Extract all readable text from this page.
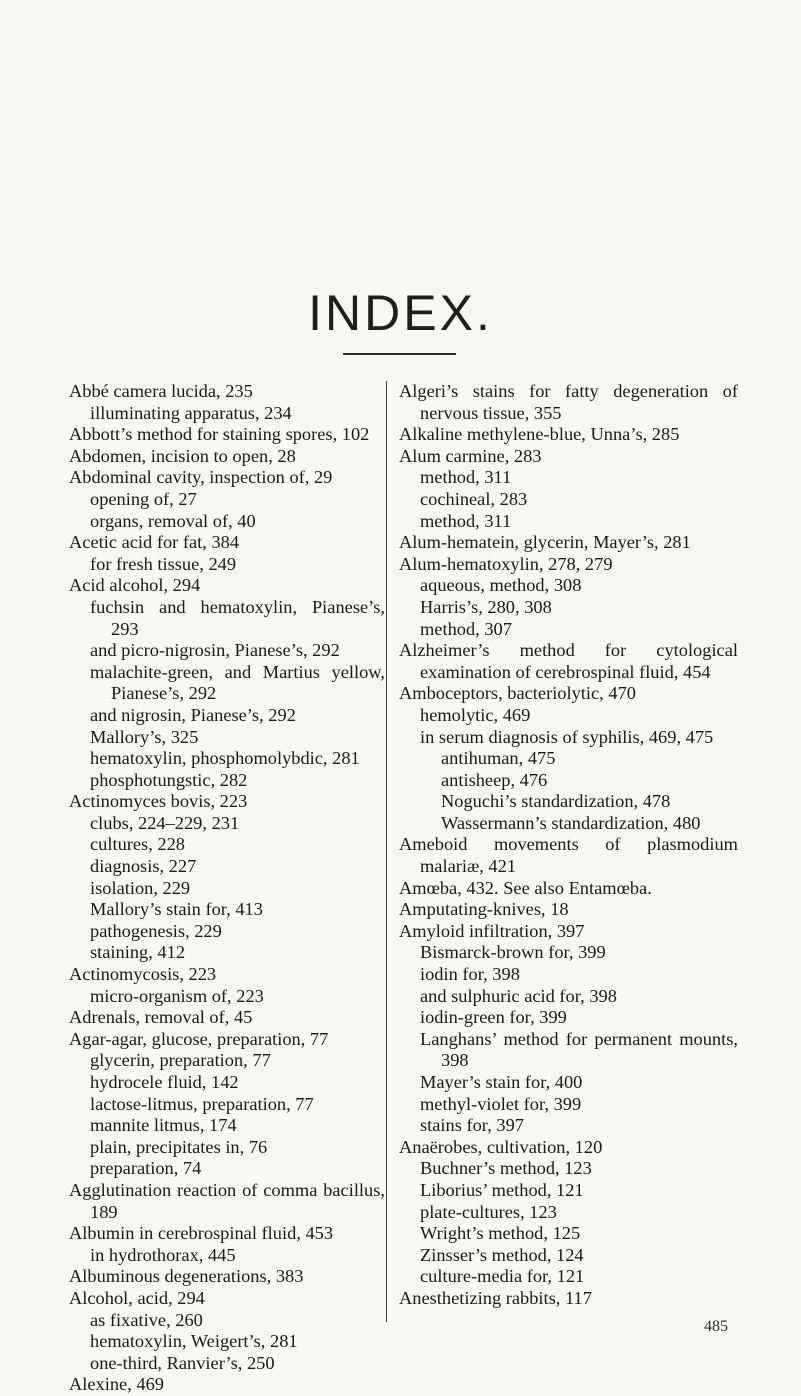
INDEX.

Abbé camera lucida, 235

illuminating apparatus, 234

Abbott’s method for staining spores, 102

Abdomen, incision to open, 28

Abdominal cavity, inspection of, 29

opening of, 27

organs, removal of, 40

Acetic acid for fat, 384

for fresh tissue, 249

Acid alcohol, 294

fuchsin and hematoxylin, Pianese’s, 293

and picro-nigrosin, Pianese’s, 292

malachite-green, and Martius yellow, Pianese’s, 292

and nigrosin, Pianese’s, 292

Mallory’s, 325

hematoxylin, phosphomolybdic, 281

phosphotungstic, 282

Actinomyces bovis, 223

clubs, 224–229, 231

cultures, 228

diagnosis, 227

isolation, 229

Mallory’s stain for, 413

pathogenesis, 229

staining, 412

Actinomycosis, 223

micro-organism of, 223

Adrenals, removal of, 45

Agar-agar, glucose, preparation, 77

glycerin, preparation, 77

hydrocele fluid, 142

lactose-litmus, preparation, 77

mannite litmus, 174

plain, precipitates in, 76

preparation, 74

Agglutination reaction of comma bacillus, 189

Albumin in cerebrospinal fluid, 453

in hydrothorax, 445

Albuminous degenerations, 383

Alcohol, acid, 294

as fixative, 260

hematoxylin, Weigert’s, 281

one-third, Ranvier’s, 250

Alexine, 469

Algeri’s stains for fatty degeneration of nervous tissue, 355

Alkaline methylene-blue, Unna’s, 285

Alum carmine, 283

method, 311

cochineal, 283

method, 311

Alum-hematein, glycerin, Mayer’s, 281

Alum-hematoxylin, 278, 279

aqueous, method, 308

Harris’s, 280, 308

method, 307

Alzheimer’s method for cytological examination of cerebrospinal fluid, 454

Amboceptors, bacteriolytic, 470

hemolytic, 469

in serum diagnosis of syphilis, 469, 475

antihuman, 475

antisheep, 476

Noguchi’s standardization, 478

Wassermann’s standardization, 480

Ameboid movements of plasmodium malariæ, 421

Amœba, 432. See also Entamœba.

Amputating-knives, 18

Amyloid infiltration, 397

Bismarck-brown for, 399

iodin for, 398

and sulphuric acid for, 398

iodin-green for, 399

Langhans’ method for permanent mounts, 398

Mayer’s stain for, 400

methyl-violet for, 399

stains for, 397

Anaërobes, cultivation, 120

Buchner’s method, 123

Liborius’ method, 121

plate-cultures, 123

Wright’s method, 125

Zinsser’s method, 124

culture-media for, 121

Anesthetizing rabbits, 117

485
